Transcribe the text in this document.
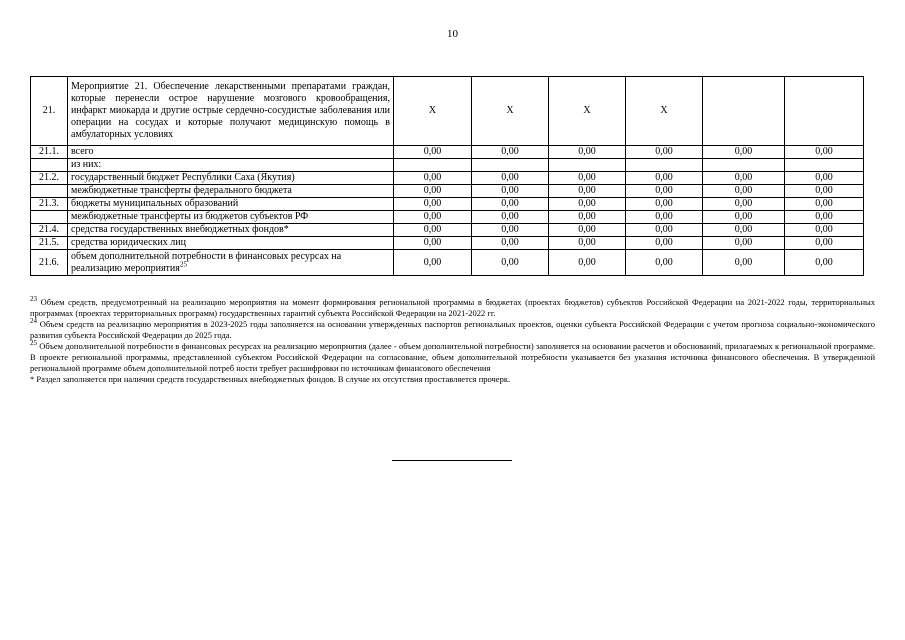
10
21.	Мероприятие 21. Обеспечение лекарственными препаратами граждан, которые перенесли острое нарушение мозгового кровообращения, инфаркт миокарда и другие острые сердечно-сосудистые заболевания или операции на сосудах и которые получают медицинскую помощь в амбулаторных условиях	X	X	X	X		
21.1.	всего	0,00	0,00	0,00	0,00	0,00	0,00
	из них:						
21.2.	государственный бюджет Республики Саха (Якутия)	0,00	0,00	0,00	0,00	0,00	0,00
	межбюджетные трансферты федерального бюджета	0,00	0,00	0,00	0,00	0,00	0,00
21.3.	бюджеты муниципальных образований	0,00	0,00	0,00	0,00	0,00	0,00
	межбюджетные трансферты из бюджетов субъектов РФ	0,00	0,00	0,00	0,00	0,00	0,00
21.4.	средства государственных внебюджетных фондов*	0,00	0,00	0,00	0,00	0,00	0,00
21.5.	средства юридических лиц	0,00	0,00	0,00	0,00	0,00	0,00
21.6.	объем дополнительной потребности в финансовых ресурсах на реализацию мероприятия$^{25}$	0,00	0,00	0,00	0,00	0,00	0,00

$^{23}$ Объем средств, предусмотренный на реализацию мероприятия на момент формирования региональной программы в бюджетах (проектах бюджетов) субъектов Российской Федерации на 2021-2022 годы, территориальных программах (проектах территориальных программ) государственных гарантий субъекта Российской Федерации на 2021-2022 гг.

$^{24}$ Объем средств на реализацию мероприятия в 2023-2025 годы заполняется на основании утвержденных паспортов региональных проектов, оценки субъекта Российской Федерации с учетом прогноза социально-экономического развития субъекта Российской Федерации до 2025 года.

$^{25}$ Объем дополнительной потребности в финансовых ресурсах на реализацию мероприятия (далее - объем дополнительной потребности) заполняется на основании расчетов и обоснований, прилагаемых к региональной программе. В проекте региональной программы, представленной субъектом Российской Федерации на согласование, объем дополнительной потребности указывается без указания источника финансового обеспечения. В утвержденной региональной программе объем дополнительной потреб ности требует расшифровки по источникам финансового обеспечения

* Раздел заполняется при наличии средств государственных внебюджетных фондов. В случае их отсутствия проставляется прочерк.
